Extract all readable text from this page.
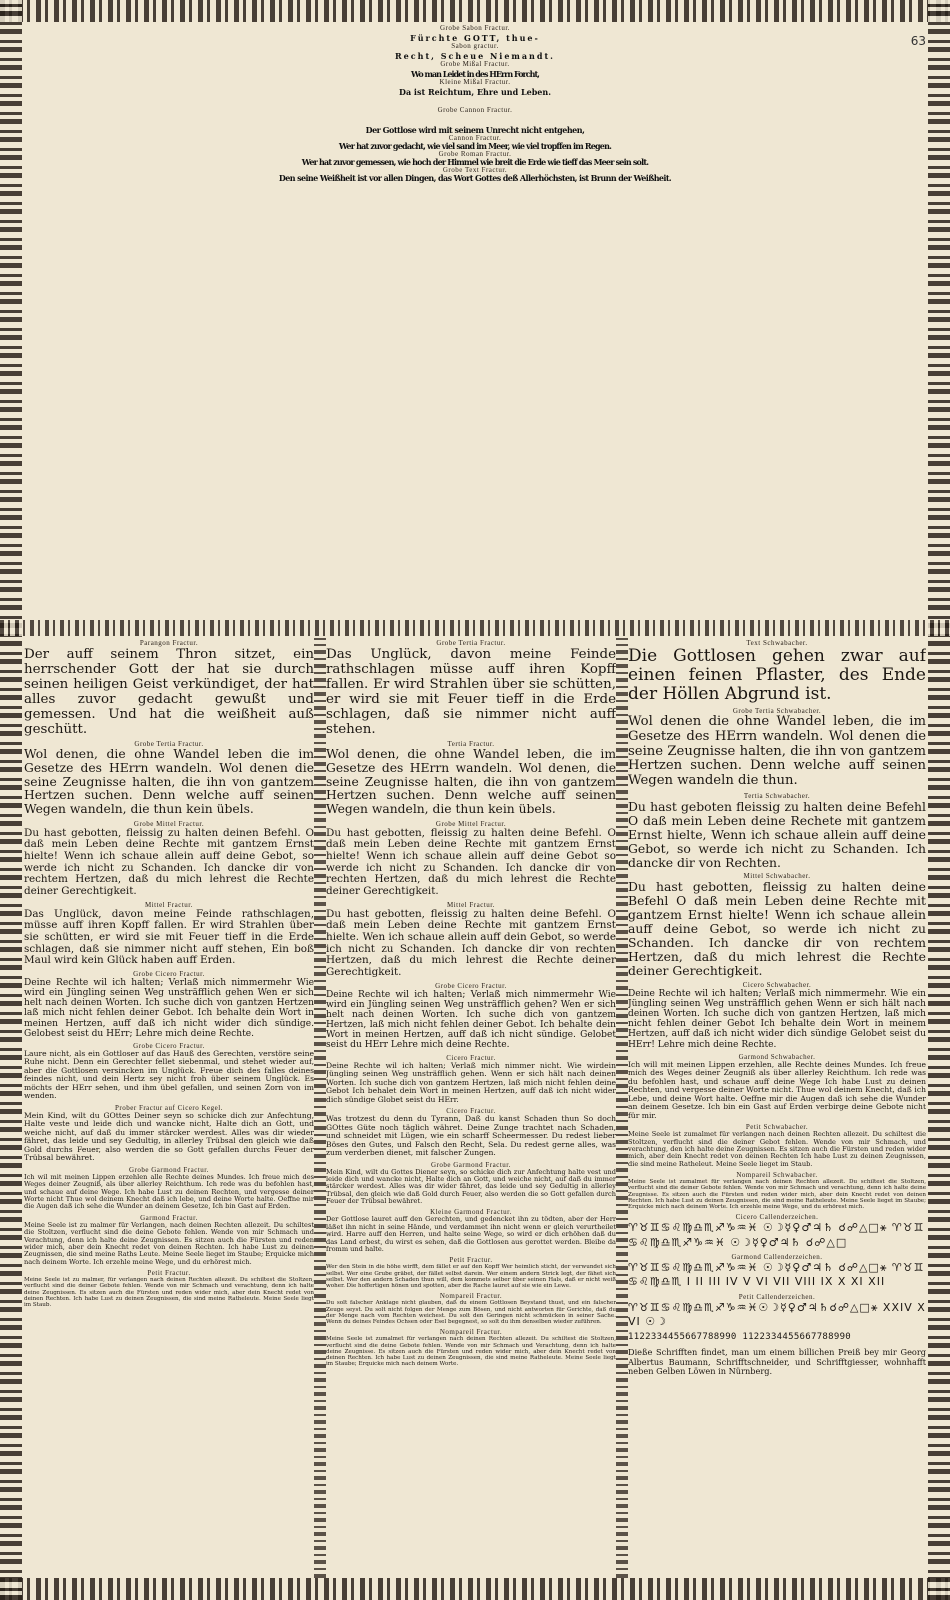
63
Grobe Sabon Fractur.
Fürchte GOTT, thue-
Sabon gractur.
Recht, Scheue Niemandt.
Grobe Mißal Fractur.
Wo man Leidet in des HErrn Forcht,
Kleine Mißal Fractur.
Da ist Reichtum, Ehre und Leben.
Grobe Cannon Fractur.
Der Gottlose wird mit seinem Unrecht nicht entgehen,
Cannon Fractur.
Wer hat zuvor gedacht, wie viel sand im Meer, wie viel tropffen im Regen.
Grobe Roman Fractur.
Wer hat zuvor gemessen, wie hoch der Himmel wie breit die Erde wie tieff das Meer sein solt.
Grobe Text Fractur.
Den seine Weißheit ist vor allen Dingen, das Wort Gottes deß Allerhöchsten, ist Brunn der Weißheit.
Parangon Fractur.
Der auff seinem Thron sitzet, ein herrschender Gott der hat sie durch seinen heiligen Geist verkündiget, der hat alles zuvor gedacht gewußt und gemessen. Und hat die weißheit auß geschütt.
Grobe Tertia Fractur.
Wol denen, die ohne Wandel leben die im Gesetze des HErrn wandeln. Wol denen die seine Zeugnisse halten, die ihn von gantzem Hertzen suchen. Denn welche auff seinen Wegen wandeln, die thun kein übels.
Grobe Mittel Fractur.
Du hast gebotten, fleissig zu halten deinen Befehl. O daß mein Leben deine Rechte mit gantzem Ernst hielte! Wenn ich schaue allein auff deine Gebot, so werde ich nicht zu Schanden. Ich dancke dir von rechtem Hertzen, daß du mich lehrest die Rechte deiner Gerechtigkeit.
Mittel Fractur.
Das Unglück, davon meine Feinde rathschlagen, müsse auff ihren Kopff fallen. Er wird Strahlen über sie schütten, er wird sie mit Feuer tieff in die Erde schlagen, daß sie nimmer nicht auff stehen, Ein boß Maul wird kein Glück haben auff Erden.
Grobe Cicero Fractur.
Deine Rechte wil ich halten; Verlaß mich nimmermehr Wie wird ein Jüngling seinen Weg unsträfflich gehen Wen er sich helt nach deinen Worten. Ich suche dich von gantzen Hertzen laß mich nicht fehlen deiner Gebot. Ich behalte dein Wort in meinen Hertzen, auff daß ich nicht wider dich sündige. Gelobest seist du HErr; Lehre mich deine Rechte.
Grobe Cicero Fractur.
Laure nicht, als ein Gottloser auf das Hauß des Gerechten, verstöre seine Ruhe nicht. Denn ein Gerechter fellet siebenmal, und stehet wieder auf, aber die Gottlosen versincken im Unglück. Freue dich des falles deines feindes nicht, und dein Hertz sey nicht froh über seinem Unglück. Es möchts der HErr sehen, und ihm übel gefallen, und seinen Zorn von im wenden.
Prober Fractur auf Cicero Kegel.
Mein Kind, wilt du GOttes Deiner seyn so schicke dich zur Anfechtung, Halte veste und leide dich und wancke nicht, Halte dich an Gott, und weiche nicht, auf daß du immer stärcker werdest. Alles was dir wieder fähret, das leide und sey Gedultig, in allerley Trübsal den gleich wie daß Gold durchs Feuer, also werden die so Gott gefallen durchs Feuer der Trübsal bewähret.
Grobe Garmond Fractur.
Ich wil mit meinen Lippen erzehlen alle Rechte deines Mundes. Ich freue mich des Weges deiner Zeugniß, als über allerley Reichthum. Ich rede was du befohlen hast, und schaue auf deine Wege. Ich habe Lust zu deinen Rechten, und vergesse deiner Worte nicht Thue wol deinem Knecht daß ich lebe, und deine Worte halte. Oeffne mir die Augen daß ich sehe die Wunder an deinem Gesetze, Ich bin Gast auf Erden.
Garmond Fractur.
Meine Seele ist zu malmer für Verlangen, nach deinen Rechten allezeit. Du schiltest die Stoltzen, verflucht sind die deine Gebote fehlen. Wende von mir Schmach und Verachtung, denn ich halte deine Zeugnissen. Es sitzen auch die Fürsten und reden wider mich, aber dein Knecht redet von deinen Rechten. Ich habe Lust zu deinen Zeugnissen, die sind meine Raths Leute. Meine Seele lieget im Staube; Erquicke mich nach deinem Worte. Ich erzehle meine Wege, und du erhörest mich.
Petit Fractur.
Meine Seele ist zu malmer, für verlangen nach deinen Rechten allezeit. Du schiltest die Stoltzen, verflucht sind die deiner Gebote fehlen. Wende von mir Schmach und verachtung, denn ich halte deine Zeugnissen. Es sitzen auch die Fürsten und reden wider mich, aber dein Knecht redet von deinen Rechten. Ich habe Lust zu deinen Zeugnissen, die sind meine Ratheleute. Meine Seele liegt im Staub.
Grobe Tertia Fractur.
Das Unglück, davon meine Feinde rathschlagen müsse auff ihren Kopff fallen. Er wird Strahlen über sie schütten, er wird sie mit Feuer tieff in die Erde schlagen, daß sie nimmer nicht auff stehen.
Tertia Fractur.
Wol denen, die ohne Wandel leben, die im Gesetze des HErrn wandeln. Wol denen, die seine Zeugnisse halten, die ihn von gantzem Hertzen suchen. Denn welche auff seinen Wegen wandeln, die thun kein übels.
Grobe Mittel Fractur.
Du hast gebotten, fleissig zu halten deine Befehl. O daß mein Leben deine Rechte mit gantzem Ernst hielte! Wenn ich schaue allein auff deine Gebot so werde ich nicht zu Schanden. Ich dancke dir von rechten Hertzen, daß du mich lehrest die Rechte deiner Gerechtigkeit.
Mittel Fractur.
Du hast gebotten, fleissig zu halten deine Befehl. O daß mein Leben deine Rechte mit gantzem Ernst hielte. Wen ich schaue allein auff dein Gebot, so werde ich nicht zu Schanden. Ich dancke dir von rechten Hertzen, daß du mich lehrest die Rechte deiner Gerechtigkeit.
Grobe Cicero Fractur.
Deine Rechte wil ich halten; Verlaß mich nimmermehr Wie wird ein Jüngling seinen Weg unsträfflich gehen? Wen er sich helt nach deinen Worten. Ich suche dich von gantzem Hertzen, laß mich nicht fehlen deiner Gebot. Ich behalte dein Wort in meinen Hertzen, auff daß ich nicht sündige. Gelobet seist du HErr Lehre mich deine Rechte.
Cicero Fractur.
Deine Rechte wil ich halten; Verlaß mich nimmer nicht. Wie wirdein Jüngling seinen Weg unsträfflich gehen. Wenn er sich hält nach deinen Worten. Ich suche dich von gantzem Hertzen, laß mich nicht fehlen deine Gebot Ich behalet dein Wort in meinen Hertzen, auff daß ich nicht wider dich sündige Globet seist du HErr.
Cicero Fractur.
Was trotzest du denn du Tyrann, Daß du kanst Schaden thun So doch GOttes Güte noch täglich währet. Deine Zunge trachtet nach Schaden, und schneidet mit Lügen, wie ein scharff Scheermesser. Du redest lieber Böses den Gutes, und Falsch den Recht, Sela. Du redest gerne alles, was zum verderben dienet, mit falscher Zungen.
Grobe Garmond Fractur.
Mein Kind, wilt du Gottes Diener seyn, so schicke dich zur Anfechtung halte vest und leide dich und wancke nicht, Halte dich an Gott, und weiche nicht, auf daß du immer stärcker werdest. Alles was dir wider fähret, das leide und sey Gedultig in allerley Trübsal, den gleich wie daß Gold durch Feuer, also werden die so Gott gefallen durch Feuer der Trübsal bewähret.
Kleine Garmond Fractur.
Der Gottlose lauret auff den Gerechten, und gedencket ihn zu tödten, aber der Herr läßet ihn nicht in seine Hände, und verdammet ihn nicht wenn er gleich verurtheilet wird. Harre auff den Herren, und halte seine Wege, so wird er dich erhöhen daß du das Land erbest, du wirst es sehen, daß die Gottlosen aus gerottet werden. Bleibe da fromm und halte.
Petit Fractur.
Wer den Stein in die höhe wirfft, dem fället er auf den Kopff Wer heimlich sticht, der verwundet sich selbst. Wer eine Grube gräbet, der fället selbst darein. Wer einem andern Strick legt, der fähet sich selbst. Wer den andern Schaden thun will, dem kommets selber über seinen Hals, daß er nicht weiß woher. Die hoffertigen hönen und spotten, aber die Rache lauret auf sie wie ein Lewe.
Nompareil Fractur.
Du solt falscher Anklage nicht glauben, daß du einem Gottlosen Beystand thust, und ein falscher Zeuge seyst. Du solt nicht folgen der Menge zum Bösen, und nicht antworten für Gerichte, daß du der Menge nach vom Rechten weichest. Du solt den Geringen nicht schmücken in seiner Sache. Wenn du deines Feindes Ochsen oder Esel begegnest, so solt du ihm denselben wieder zuführen.
Nompareil Fractur.
Meine Seele ist zumalmet für verlangen nach deinen Rechten allezeit. Du schiltest die Stoltzen, verflucht sind die deine Gebote fehlen. Wende von mir Schmach und Verachtung, denn ich halte deine Zeugnisse. Es sitzen auch die Fürsten und reden wider mich, aber dein Knecht redet von deinen Rechten. Ich habe Lust zu deinen Zeugnissen, die sind meine Ratheleute. Meine Seele liegt im Staube; Erquicke mich nach deinem Worte.
Text Schwabacher.
Die Gottlosen gehen zwar auf einen feinen Pflaster, des Ende der Höllen Abgrund ist.
Grobe Tertia Schwabacher.
Wol denen die ohne Wandel leben, die im Gesetze des HErrn wandeln. Wol denen die seine Zeugnisse halten, die ihn von gantzem Hertzen suchen. Denn welche auff seinen Wegen wandeln die thun.
Tertia Schwabacher.
Du hast geboten fleissig zu halten deine Befehl O daß mein Leben deine Rechete mit gantzem Ernst hielte, Wenn ich schaue allein auff deine Gebot, so werde ich nicht zu Schanden. Ich dancke dir von Rechten.
Mittel Schwabacher.
Du hast gebotten, fleissig zu halten deine Befehl O daß mein Leben deine Rechte mit gantzem Ernst hielte! Wenn ich schaue allein auff deine Gebot, so werde ich nicht zu Schanden. Ich dancke dir von rechtem Hertzen, daß du mich lehrest die Rechte deiner Gerechtigkeit.
Cicero Schwabacher.
Deine Rechte wil ich halten; Verlaß mich nimmermehr. Wie ein Jüngling seinen Weg unsträfflich gehen Wenn er sich hält nach deinen Worten. Ich suche dich von gantzen Hertzen, laß mich nicht fehlen deiner Gebot Ich behalte dein Wort in meinem Hertzen, auff daß ich nicht wider dich sündige Gelobet seist du HErr! Lehre mich deine Rechte.
Garmond Schwabacher.
Ich will mit meinen Lippen erzehlen, alle Rechte deines Mundes. Ich freue mich des Weges deiner Zeugniß als über allerley Reichthum. Ich rede was du befohlen hast, und schaue auff deine Wege Ich habe Lust zu deinen Rechten, und vergesse deiner Worte nicht. Thue wol deinem Knecht, daß ich Lebe, und deine Wort halte. Oeffne mir die Augen daß ich sehe die Wunder an deinem Gesetze. Ich bin ein Gast auf Erden verbirge deine Gebote nicht für mir.
Petit Schwabacher.
Meine Seele ist zumalmet für verlangen nach deinen Rechten allezeit. Du schiltest die Stoltzen, verflucht sind die deiner Gebot fehlen. Wende von mir Schmach, und verachtung, den ich halte deine Zeugnissen. Es sitzen auch die Fürsten und reden wider mich, aber dein Knecht redet von deinen Rechten Ich habe Lust zu deinen Zeugnissen, die sind meine Ratheleut. Meine Seele lieget im Staub.
Nompareil Schwabacher.
Meine Seele ist zumalmet für verlangen nach deinen Rechten allezeit. Du schiltest die Stoltzen, verflucht sind die deiner Gebote fehlen. Wende von mir Schmach und verachtung, denn ich halte deine Zeugnisse. Es sitzen auch die Fürsten und reden wider mich, aber dein Knecht redet von deinen Rechten. Ich habe Lust zu deinen Zeugnissen, die sind meine Ratheleute. Meine Seele lieget im Staube; Erquicke mich nach deinem Worte. Ich erzehle meine Wege, und du erhörest mich.
Cicero Callenderzeichen.
♈♉♊♋♌♍♎♏♐♑♒♓ ☉☽☿♀♂♃♄ ☌☍△□⚹ ♈♉♊♋♌♍♎♏♐♑♒♓ ☉☽☿♀♂♃♄ ☌☍△□
Garmond Callenderzeichen.
♈♉♊♋♌♍♎♏♐♑♒♓ ☉☽☿♀♂♃♄ ☌☍△□⚹ ♈♉♊♋♌♍♎♏ I II III IV V VI VII VIII IX X XI XII
Petit Callenderzeichen.
♈♉♊♋♌♍♎♏♐♑♒♓☉☽☿♀♂♃♄☌☍△□⚹ XXIV XVI ☉☽
1122334455667788990 1122334455667788990
Dieße Schrifften findet, man um einem billichen Preiß bey mir Georg Albertus Baumann, Schrifftschneider, und Schrifftgiesser, wohnhafft neben Gelben Löwen in Nürnberg.
